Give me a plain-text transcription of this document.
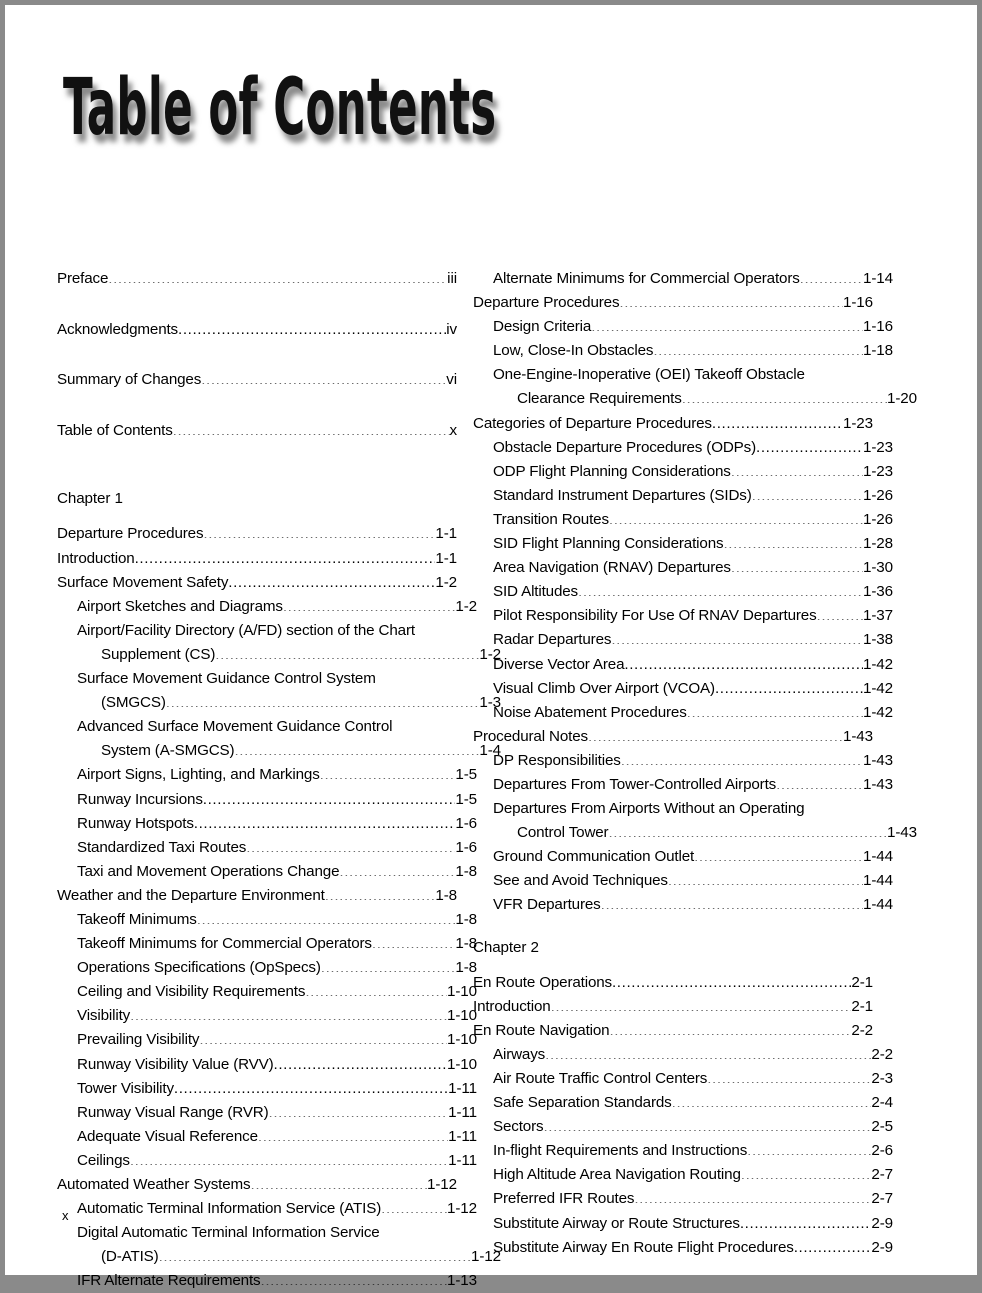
Table of Contents
Preface .....	iii
Acknowledgments .....	iv
Summary of Changes .....	vi
Table of Contents .....	x
Chapter 1
Departure Procedures .....	1-1
Introduction .....	1-1
Surface Movement Safety .....	1-2
Airport Sketches and Diagrams .....	1-2
Airport/Facility Directory (A/FD) section of the Chart
Supplement (CS) .....	1-2
Surface Movement Guidance Control System
(SMGCS) .....	1-3
Advanced Surface Movement Guidance Control
System (A-SMGCS) .....	1-4
Airport Signs, Lighting, and Markings .....	1-5
Runway Incursions .....	1-5
Runway Hotspots .....	1-6
Standardized Taxi Routes .....	1-6
Taxi and Movement Operations Change .....	1-8
Weather and the Departure Environment .....	1-8
Takeoff Minimums .....	1-8
Takeoff Minimums for Commercial Operators .....	1-8
Operations Specifications (OpSpecs) .....	1-8
Ceiling and Visibility Requirements .....	1-10
Visibility .....	1-10
Prevailing Visibility .....	1-10
Runway Visibility Value (RVV) .....	1-10
Tower Visibility .....	1-11
Runway Visual Range (RVR) .....	1-11
Adequate Visual Reference .....	1-11
Ceilings .....	1-11
Automated Weather Systems .....	1-12
Automatic Terminal Information Service (ATIS) .....	1-12
Digital Automatic Terminal Information Service
(D-ATIS) .....	1-12
IFR Alternate Requirements .....	1-13
Alternate Minimums for Commercial Operators .....	1-14
Departure Procedures .....	1-16
Design Criteria .....	1-16
Low, Close-In Obstacles .....	1-18
One-Engine-Inoperative (OEI) Takeoff Obstacle
Clearance Requirements .....	1-20
Categories of Departure Procedures .....	1-23
Obstacle Departure Procedures (ODPs) .....	1-23
ODP Flight Planning Considerations .....	1-23
Standard Instrument Departures (SIDs) .....	1-26
Transition Routes .....	1-26
SID Flight Planning Considerations .....	1-28
Area Navigation (RNAV) Departures .....	1-30
SID Altitudes .....	1-36
Pilot Responsibility For Use Of RNAV Departures .....	1-37
Radar Departures .....	1-38
Diverse Vector Area .....	1-42
Visual Climb Over Airport (VCOA) .....	1-42
Noise Abatement Procedures .....	1-42
Procedural Notes .....	1-43
DP Responsibilities .....	1-43
Departures From Tower-Controlled Airports .....	1-43
Departures From Airports Without an Operating
Control Tower .....	1-43
Ground Communication Outlet .....	1-44
See and Avoid Techniques .....	1-44
VFR Departures .....	1-44
Chapter 2
En Route Operations .....	2-1
Introduction .....	2-1
En Route Navigation .....	2-2
Airways .....	2-2
Air Route Traffic Control Centers .....	2-3
Safe Separation Standards .....	2-4
Sectors .....	2-5
In-flight Requirements and Instructions .....	2-6
High Altitude Area Navigation Routing .....	2-7
Preferred IFR Routes .....	2-7
Substitute Airway or Route Structures .....	2-9
Substitute Airway En Route Flight Procedures .....	2-9
x
